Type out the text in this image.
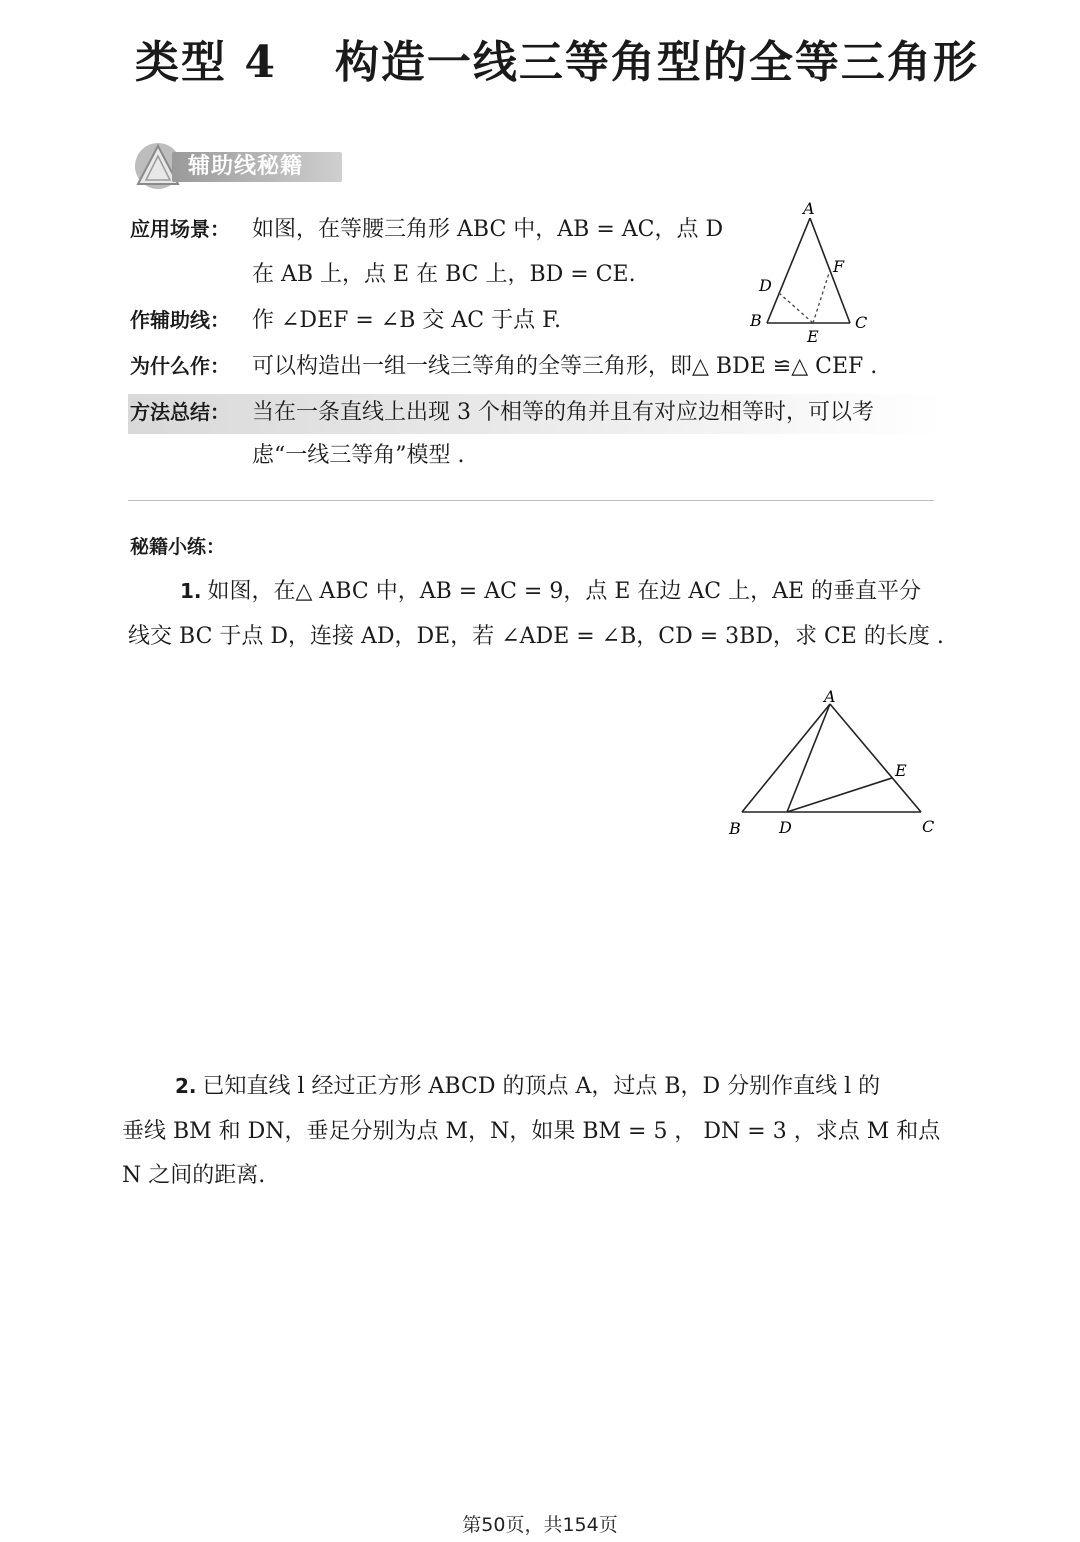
类型 4 构造一线三等角型的全等三角形
辅助线秘籍
应用场景： 如图，在等腰三角形 ABC 中，AB = AC，点 D
在 AB 上，点 E 在 BC 上，BD = CE.
作辅助线： 作 ∠DEF = ∠B 交 AC 于点 F.
为什么作： 可以构造出一组一线三等角的全等三角形，即△ BDE ≌△ CEF .
方法总结： 当在一条直线上出现 3 个相等的角并且有对应边相等时，可以考
虑“一线三等角”模型 .
A
B	C
D
E
F
秘籍小练：
1. 如图，在△ ABC 中，AB = AC = 9，点 E 在边 AC 上，AE 的垂直平分
线交 BC 于点 D，连接 AD，DE，若 ∠ADE = ∠B，CD = 3BD，求 CE 的长度 .
A
B	C
D
E
2. 已知直线 l 经过正方形 ABCD 的顶点 A，过点 B，D 分别作直线 l 的
垂线 BM 和 DN，垂足分别为点 M，N，如果 BM = 5 ， DN = 3 ，求点 M 和点
N 之间的距离.
第50页，共154页
